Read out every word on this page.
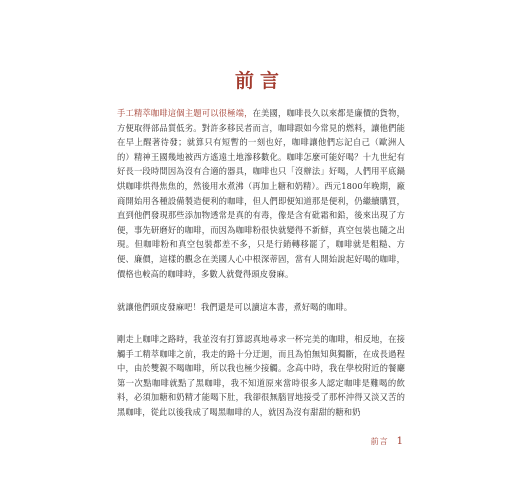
前言

手工精萃咖啡這個主題可以很極端，在美國，咖啡長久以來都是廉價的貨物，方便取得部品質低劣。對許多移民者而言，咖啡跟如今常見的燃料，讓他們能在早上醒著待發；就算只有短暫的一刻也好，咖啡讓他們忘記自己（歐洲人的）精神王國幾地被西方遙遠土地滲移數化。咖啡怎麼可能好喝？十九世紀有好長一段時間因為沒有合適的器具，咖啡也只「沒辦法」好喝，人們用平底鍋烘咖啡烘得焦焦的，然後用水煮沸（再加上糖和奶精）。西元1800年晚期，廠商開始用各種設備製造便利的咖啡，但人們即便知道那是便利，仍繼續購買，直到他們發現那些添加物透常是真的有毒，像是含有砒霜和鉛，後來出現了方便，事先研磨好的咖啡，而因為咖啡粉很快就變得不新鮮，真空包裝也隨之出現。但咖啡粉和真空包裝都差不多，只是行銷轉移罷了，咖啡就是粗糙、方便、廉價，這樣的觀念在美國人心中根深蒂固，當有人開始說起好喝的咖啡，價格也較高的咖啡時，多數人就覺得頭皮發麻。

就讓他們頭皮發麻吧！我們還是可以讀這本書，煮好喝的咖啡。

剛走上咖啡之路時，我並沒有打算認真地尋求一杯完美的咖啡，相反地，在接觸手工精萃咖啡之前，我走的路十分迂迴，而且為怕無知與獨斷，在成長過程中，由於雙親不喝咖啡，所以我也極少接觸。念高中時，我在學校附近的餐廳第一次點咖啡就點了黑咖啡，我不知道原來當時很多人認定咖啡是難喝的飲料，必須加糖和奶精才能喝下肚，我卻很無腦冒地接受了那杯沖得又淡又苦的黑咖啡，從此以後我成了喝黑咖啡的人，就因為沒有甜甜的糖和奶

前言 1
